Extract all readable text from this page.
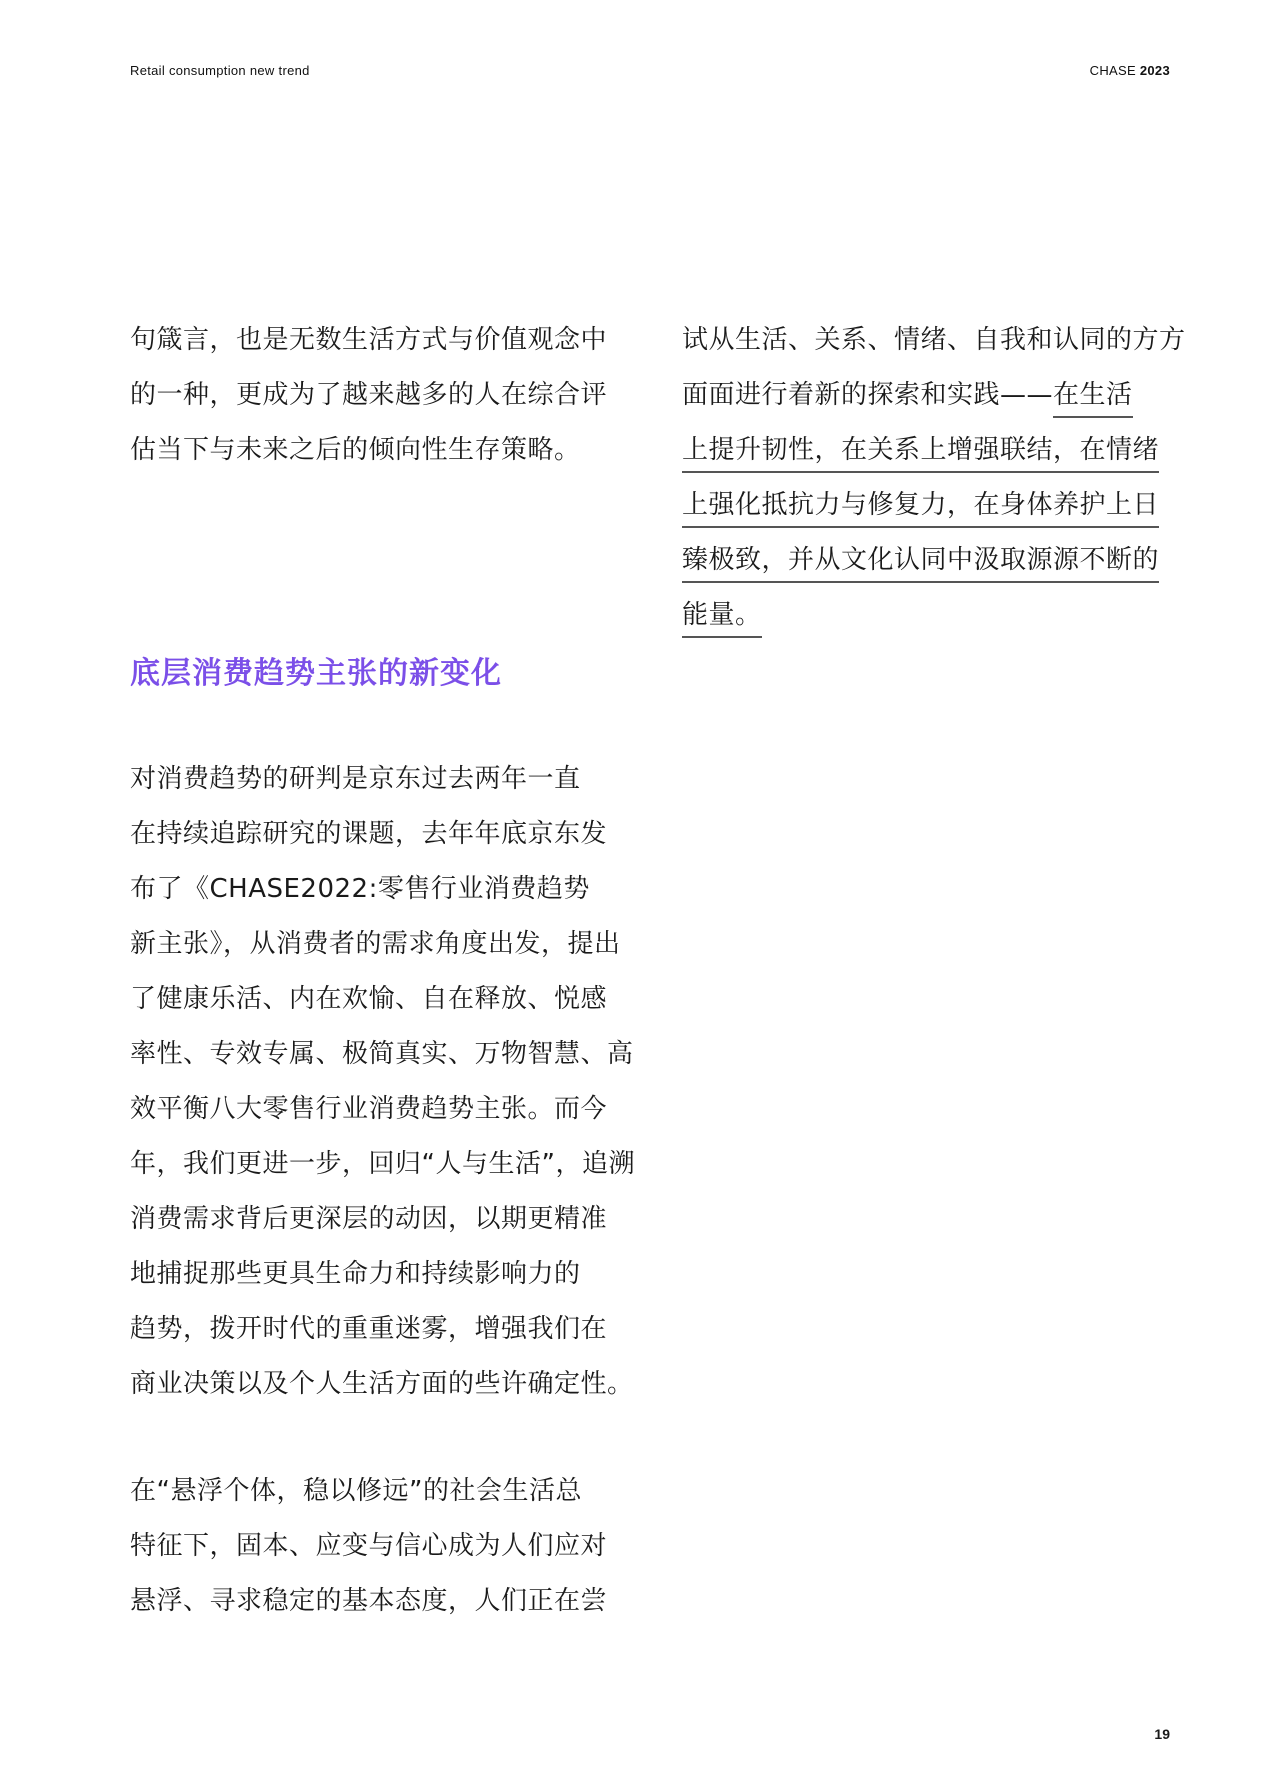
Retail consumption new trend	CHASE 2023

句箴言，也是无数生活方式与价值观念中
的一种，更成为了越来越多的人在综合评
估当下与未来之后的倾向性生存策略。

底层消费趋势主张的新变化

对消费趋势的研判是京东过去两年一直
在持续追踪研究的课题，去年年底京东发
布了《CHASE2022:零售行业消费趋势
新主张》，从消费者的需求角度出发，提出
了健康乐活、内在欢愉、自在释放、悦感
率性、专效专属、极简真实、万物智慧、高
效平衡八大零售行业消费趋势主张。而今
年，我们更进一步，回归“人与生活”，追溯
消费需求背后更深层的动因，以期更精准
地捕捉那些更具生命力和持续影响力的
趋势，拨开时代的重重迷雾，增强我们在
商业决策以及个人生活方面的些许确定性。

在“悬浮个体，稳以修远”的社会生活总
特征下，固本、应变与信心成为人们应对
悬浮、寻求稳定的基本态度，人们正在尝

试从生活、关系、情绪、自我和认同的方方
面面进行着新的探索和实践——在生活
上提升韧性，在关系上增强联结，在情绪
上强化抵抗力与修复力，在身体养护上日
臻极致，并从文化认同中汲取源源不断的
能量。

19
